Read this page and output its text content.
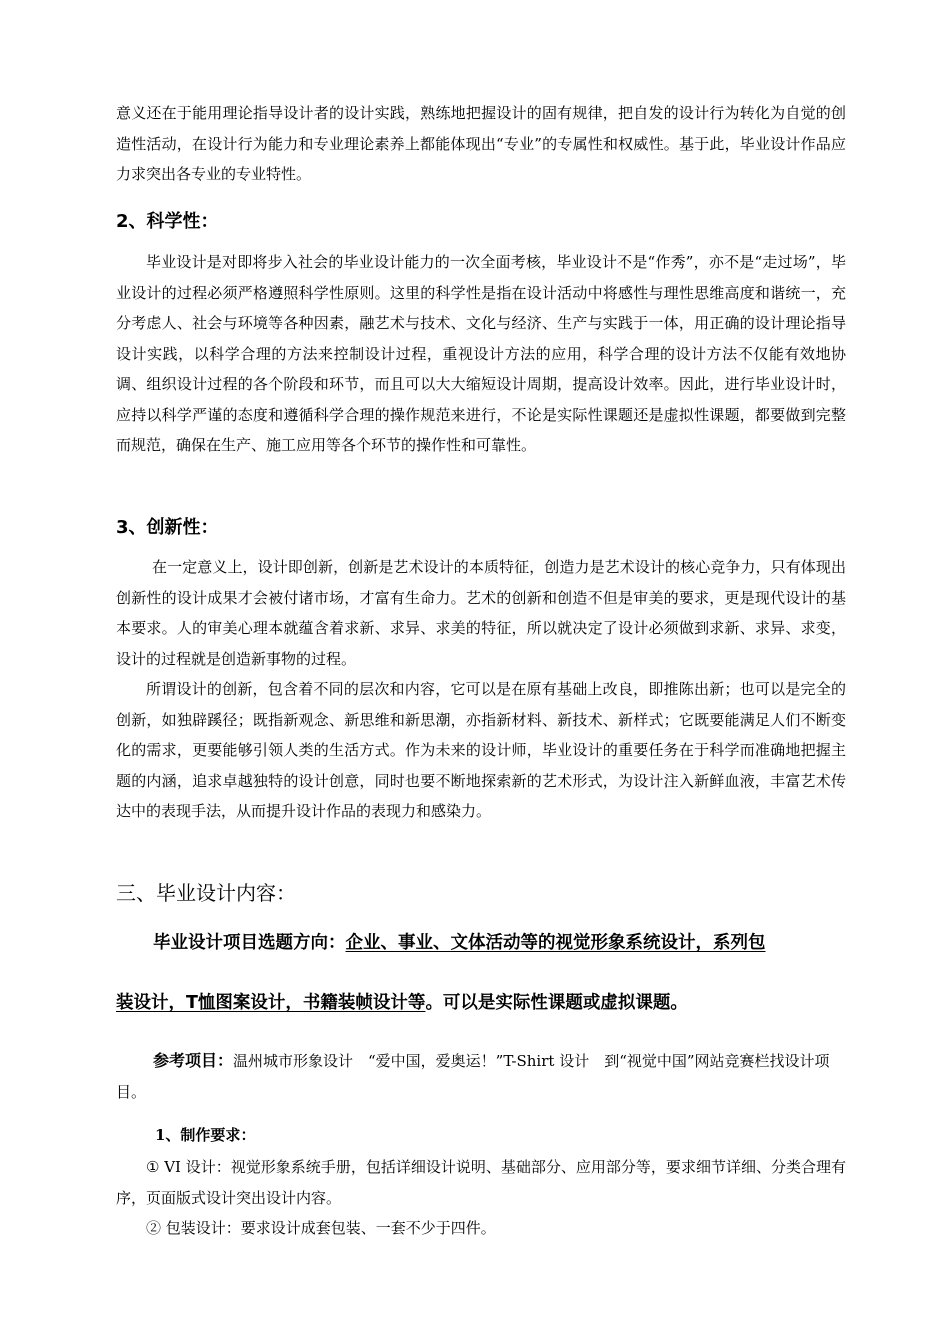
意义还在于能用理论指导设计者的设计实践，熟练地把握设计的固有规律，把自发的设计行为转化为自觉的创造性活动，在设计行为能力和专业理论素养上都能体现出“专业”的专属性和权威性。基于此，毕业设计作品应力求突出各专业的专业特性。

2、科学性：

毕业设计是对即将步入社会的毕业设计能力的一次全面考核，毕业设计不是“作秀”，亦不是“走过场”，毕业设计的过程必须严格遵照科学性原则。这里的科学性是指在设计活动中将感性与理性思维高度和谐统一，充分考虑人、社会与环境等各种因素，融艺术与技术、文化与经济、生产与实践于一体，用正确的设计理论指导设计实践，以科学合理的方法来控制设计过程，重视设计方法的应用，科学合理的设计方法不仅能有效地协调、组织设计过程的各个阶段和环节，而且可以大大缩短设计周期，提高设计效率。因此，进行毕业设计时，应持以科学严谨的态度和遵循科学合理的操作规范来进行，不论是实际性课题还是虚拟性课题，都要做到完整而规范，确保在生产、施工应用等各个环节的操作性和可靠性。

3、创新性：

在一定意义上，设计即创新，创新是艺术设计的本质特征，创造力是艺术设计的核心竞争力，只有体现出创新性的设计成果才会被付诸市场，才富有生命力。艺术的创新和创造不但是审美的要求，更是现代设计的基本要求。人的审美心理本就蕴含着求新、求异、求美的特征，所以就决定了设计必须做到求新、求异、求变，设计的过程就是创造新事物的过程。

所谓设计的创新，包含着不同的层次和内容，它可以是在原有基础上改良，即推陈出新；也可以是完全的创新，如独辟蹊径；既指新观念、新思维和新思潮，亦指新材料、新技术、新样式；它既要能满足人们不断变化的需求，更要能够引领人类的生活方式。作为未来的设计师，毕业设计的重要任务在于科学而准确地把握主题的内涵，追求卓越独特的设计创意，同时也要不断地探索新的艺术形式，为设计注入新鲜血液，丰富艺术传达中的表现手法，从而提升设计作品的表现力和感染力。

三、毕业设计内容：
毕业设计项目选题方向：企业、事业、文体活动等的视觉形象系统设计，系列包
装设计，T恤图案设计，书籍装帧设计等。可以是实际性课题或虚拟课题。
参考项目：温州城市形象设计　“爱中国，爱奥运！”T-Shirt 设计　到“视觉中国”网站竞赛栏找设计项目。
1、制作要求：

① VI 设计：视觉形象系统手册，包括详细设计说明、基础部分、应用部分等，要求细节详细、分类合理有序，页面版式设计突出设计内容。

② 包装设计：要求设计成套包装、一套不少于四件。
